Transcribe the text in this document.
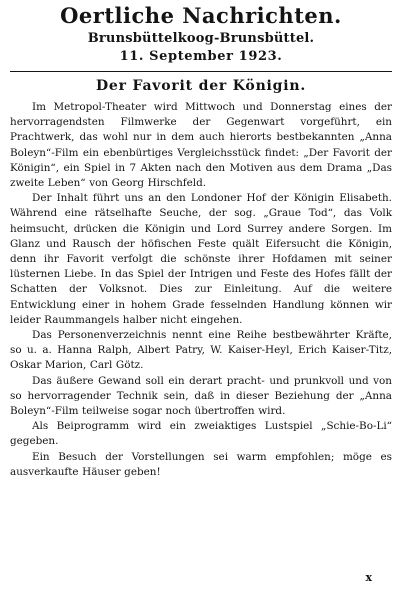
Oertliche Nachrichten.
Brunsbüttelkoog-Brunsbüttel.
11. September 1923.
Der Favorit der Königin.

Im Metropol-Theater wird Mittwoch und Donnerstag eines der hervorragendsten Filmwerke der Gegenwart vorgeführt, ein Prachtwerk, das wohl nur in dem auch hierorts bestbekannten „Anna Boleyn“-Film ein ebenbürtiges Vergleichsstück findet: „Der Favorit der Königin“, ein Spiel in 7 Akten nach den Motiven aus dem Drama „Das zweite Leben“ von Georg Hirschfeld.

Der Inhalt führt uns an den Londoner Hof der Königin Elisabeth. Während eine rätselhafte Seuche, der sog. „Graue Tod“, das Volk heimsucht, drücken die Königin und Lord Surrey andere Sorgen. Im Glanz und Rausch der höfischen Feste quält Eifersucht die Königin, denn ihr Favorit verfolgt die schönste ihrer Hofdamen mit seiner lüsternen Liebe. In das Spiel der Intrigen und Feste des Hofes fällt der Schatten der Volksnot. Dies zur Einleitung. Auf die weitere Entwicklung einer in hohem Grade fesselnden Handlung können wir leider Raummangels halber nicht eingehen.

Das Personenverzeichnis nennt eine Reihe bestbewährter Kräfte, so u. a. Hanna Ralph, Albert Patry, W. Kaiser-Heyl, Erich Kaiser-Titz, Oskar Marion, Carl Götz.

Das äußere Gewand soll ein derart pracht- und prunkvoll und von so hervorragender Technik sein, daß in dieser Beziehung der „Anna Boleyn“-Film teilweise sogar noch übertroffen wird.

Als Beiprogramm wird ein zweiaktiges Lustspiel „Schie-Bo-Li“ gegeben.

Ein Besuch der Vorstellungen sei warm empfohlen; möge es ausverkaufte Häuser geben!

x
